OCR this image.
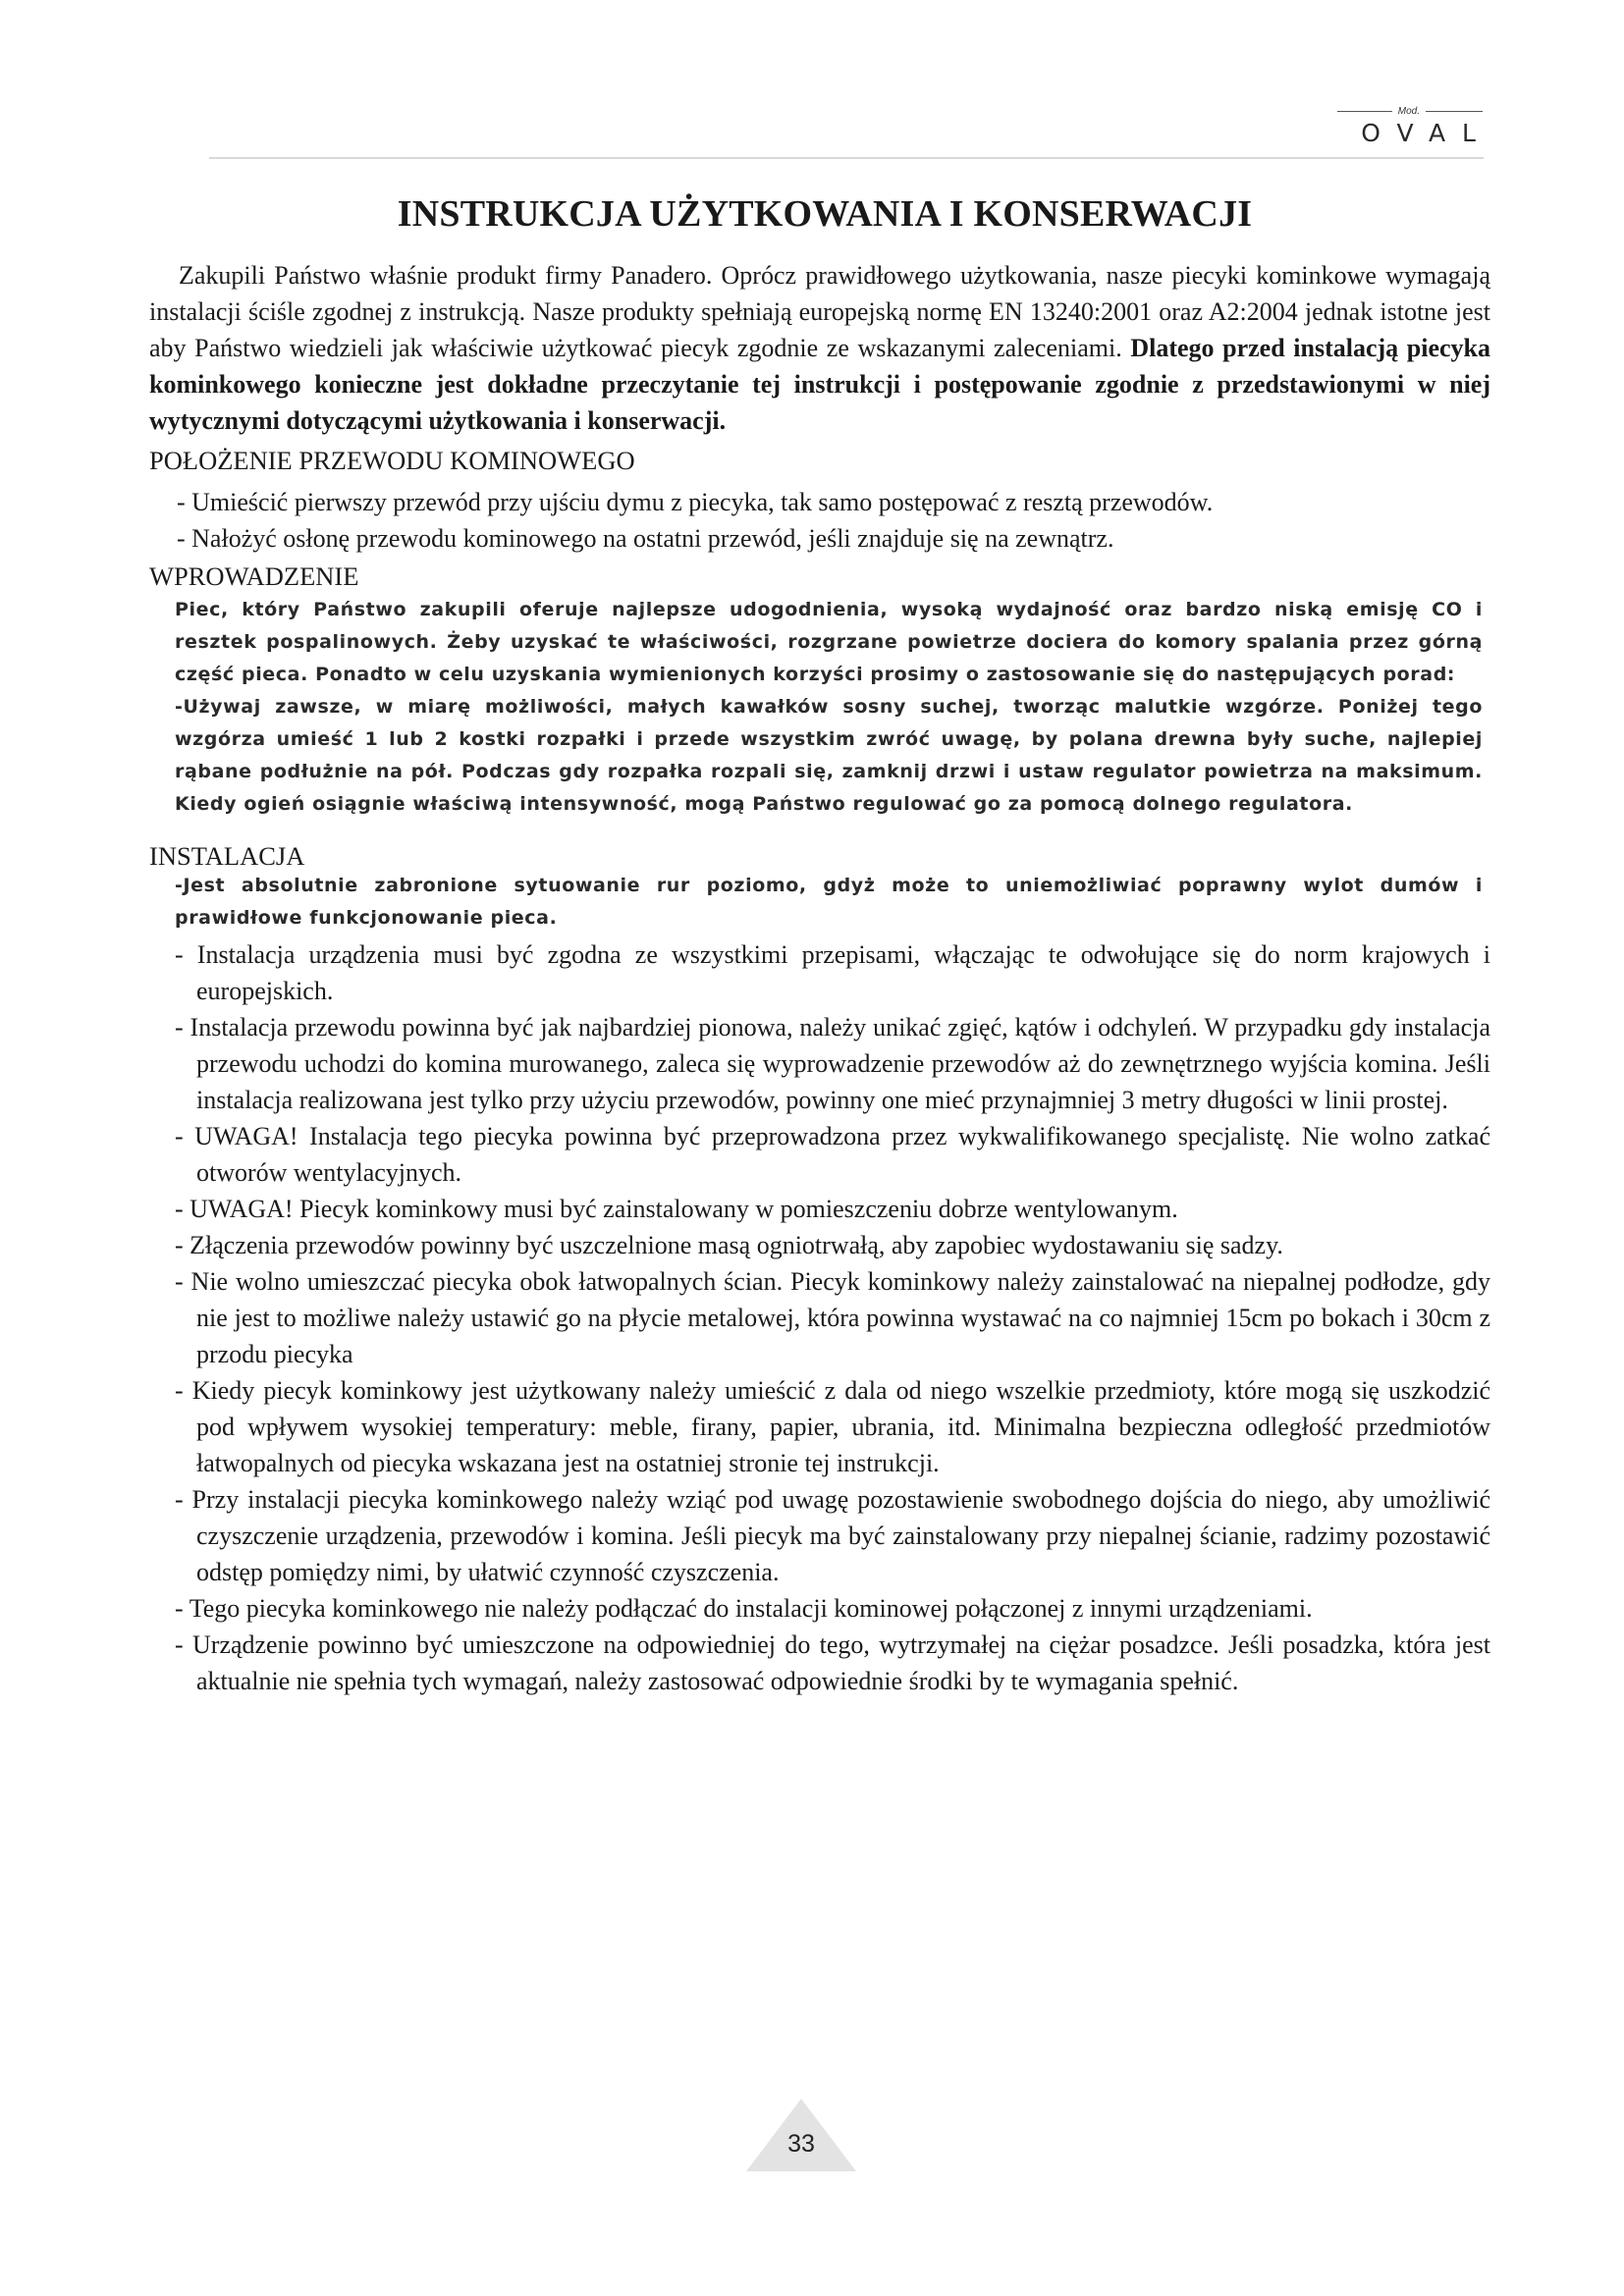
Mod.
OVAL
INSTRUKCJA UŻYTKOWANIA I KONSERWACJI

Zakupili Państwo właśnie produkt firmy Panadero. Oprócz prawidłowego użytkowania, nasze piecyki kominkowe wymagają instalacji ściśle zgodnej z instrukcją. Nasze produkty spełniają europejską normę EN 13240:2001 oraz A2:2004 jednak istotne jest aby Państwo wiedzieli jak właściwie użytkować piecyk zgodnie ze wskazanymi zaleceniami. Dlatego przed instalacją piecyka kominkowego konieczne jest dokładne przeczytanie tej instrukcji i postępowanie zgodnie z przedstawionymi w niej wytycznymi dotyczącymi użytkowania i konserwacji.

POŁOŻENIE PRZEWODU KOMINOWEGO
- Umieścić pierwszy przewód przy ujściu dymu z piecyka, tak samo postępować z resztą przewodów.
- Nałożyć osłonę przewodu kominowego na ostatni przewód, jeśli znajduje się na zewnątrz.
WPROWADZENIE

Piec, który Państwo zakupili oferuje najlepsze udogodnienia, wysoką wydajność oraz bardzo niską emisję CO i resztek pospalinowych. Żeby uzyskać te właściwości, rozgrzane powietrze dociera do komory spalania przez górną część pieca. Ponadto w celu uzyskania wymienionych korzyści prosimy o zastosowanie się do następujących porad:

-Używaj zawsze, w miarę możliwości, małych kawałków sosny suchej, tworząc malutkie wzgórze. Poniżej tego wzgórza umieść 1 lub 2 kostki rozpałki i przede wszystkim zwróć uwagę, by polana drewna były suche, najlepiej rąbane podłużnie na pół. Podczas gdy rozpałka rozpali się, zamknij drzwi i ustaw regulator powietrza na maksimum. Kiedy ogień osiągnie właściwą intensywność, mogą Państwo regulować go za pomocą dolnego regulatora.

INSTALACJA

-Jest absolutnie zabronione sytuowanie rur poziomo, gdyż może to uniemożliwiać poprawny wylot dumów i prawidłowe funkcjonowanie pieca.

- Instalacja urządzenia musi być zgodna ze wszystkimi przepisami, włączając te odwołujące się do norm krajowych i europejskich.
- Instalacja przewodu powinna być jak najbardziej pionowa, należy unikać zgięć, kątów i odchyleń. W przypadku gdy instalacja przewodu uchodzi do komina murowanego, zaleca się wyprowadzenie przewodów aż do zewnętrznego wyjścia komina. Jeśli instalacja realizowana jest tylko przy użyciu przewodów, powinny one mieć przynajmniej 3 metry długości w linii prostej.
- UWAGA! Instalacja tego piecyka powinna być przeprowadzona przez wykwalifikowanego specjalistę. Nie wolno zatkać otworów wentylacyjnych.
- UWAGA! Piecyk kominkowy musi być zainstalowany w pomieszczeniu dobrze wentylowanym.
- Złączenia przewodów powinny być uszczelnione masą ogniotrwałą, aby zapobiec wydostawaniu się sadzy.
- Nie wolno umieszczać piecyka obok łatwopalnych ścian. Piecyk kominkowy należy zainstalować na niepalnej podłodze, gdy nie jest to możliwe należy ustawić go na płycie metalowej, która powinna wystawać na co najmniej 15cm po bokach i 30cm z przodu piecyka
- Kiedy piecyk kominkowy jest użytkowany należy umieścić z dala od niego wszelkie przedmioty, które mogą się uszkodzić pod wpływem wysokiej temperatury: meble, firany, papier, ubrania, itd. Minimalna bezpieczna odległość przedmiotów łatwopalnych od piecyka wskazana jest na ostatniej stronie tej instrukcji.
- Przy instalacji piecyka kominkowego należy wziąć pod uwagę pozostawienie swobodnego dojścia do niego, aby umożliwić czyszczenie urządzenia, przewodów i komina. Jeśli piecyk ma być zainstalowany przy niepalnej ścianie, radzimy pozostawić odstęp pomiędzy nimi, by ułatwić czynność czyszczenia.
- Tego piecyka kominkowego nie należy podłączać do instalacji kominowej połączonej z innymi urządzeniami.
- Urządzenie powinno być umieszczone na odpowiedniej do tego, wytrzymałej na ciężar posadzce. Jeśli posadzka, która jest aktualnie nie spełnia tych wymagań, należy zastosować odpowiednie środki by te wymagania spełnić.
33
